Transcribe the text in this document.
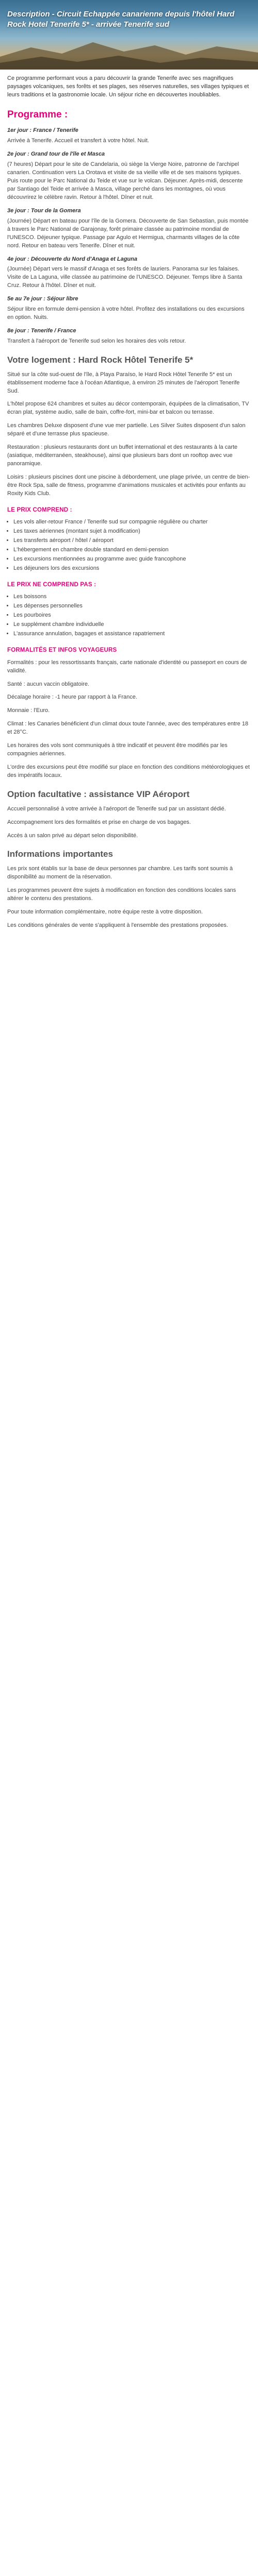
Description - Circuit Echappée canarienne depuis l'hôtel Hard Rock Hotel Tenerife 5* - arrivée Tenerife sud

Ce programme performant vous a paru découvrir la grande Tenerife avec ses magnifiques paysages volcaniques, ses forêts et ses plages, ses réserves naturelles, ses villages typiques et leurs traditions et la gastronomie locale. Un séjour riche en découvertes inoubliables.

Programme :
1er jour : France / Tenerife

Arrivée à Tenerife. Accueil et transfert à votre hôtel. Nuit.

2e jour : Grand tour de l'île et Masca

(7 heures) Départ pour le site de Candelaria, où siège la Vierge Noire, patronne de l'archipel canarien. Continuation vers La Orotava et visite de sa vieille ville et de ses maisons typiques. Puis route pour le Parc National du Teide et vue sur le volcan. Déjeuner. Après-midi, descente par Santiago del Teide et arrivée à Masca, village perché dans les montagnes, où vous découvrirez le célèbre ravin. Retour à l'hôtel. Dîner et nuit.

3e jour : Tour de la Gomera

(Journée) Départ en bateau pour l'île de la Gomera. Découverte de San Sebastian, puis montée à travers le Parc National de Garajonay, forêt primaire classée au patrimoine mondial de l'UNESCO. Déjeuner typique. Passage par Agulo et Hermigua, charmants villages de la côte nord. Retour en bateau vers Tenerife. Dîner et nuit.

4e jour : Découverte du Nord d'Anaga et Laguna

(Journée) Départ vers le massif d'Anaga et ses forêts de lauriers. Panorama sur les falaises. Visite de La Laguna, ville classée au patrimoine de l'UNESCO. Déjeuner. Temps libre à Santa Cruz. Retour à l'hôtel. Dîner et nuit.

5e au 7e jour : Séjour libre

Séjour libre en formule demi-pension à votre hôtel. Profitez des installations ou des excursions en option. Nuits.

8e jour : Tenerife / France

Transfert à l'aéroport de Tenerife sud selon les horaires des vols retour.

Votre logement : Hard Rock Hôtel Tenerife 5*

Situé sur la côte sud-ouest de l'île, à Playa Paraíso, le Hard Rock Hôtel Tenerife 5* est un établissement moderne face à l'océan Atlantique, à environ 25 minutes de l'aéroport Tenerife Sud.

L'hôtel propose 624 chambres et suites au décor contemporain, équipées de la climatisation, TV écran plat, système audio, salle de bain, coffre-fort, mini-bar et balcon ou terrasse.

Les chambres Deluxe disposent d'une vue mer partielle. Les Silver Suites disposent d'un salon séparé et d'une terrasse plus spacieuse.

Restauration : plusieurs restaurants dont un buffet international et des restaurants à la carte (asiatique, méditerranéen, steakhouse), ainsi que plusieurs bars dont un rooftop avec vue panoramique.

Loisirs : plusieurs piscines dont une piscine à débordement, une plage privée, un centre de bien-être Rock Spa, salle de fitness, programme d'animations musicales et activités pour enfants au Roxity Kids Club.

LE PRIX COMPREND :
• Les vols aller-retour France / Tenerife sud sur compagnie régulière ou charter
• Les taxes aériennes (montant sujet à modification)
• Les transferts aéroport / hôtel / aéroport
• L'hébergement en chambre double standard en demi-pension
• Les excursions mentionnées au programme avec guide francophone
• Les déjeuners lors des excursions
LE PRIX NE COMPREND PAS :
• Les boissons
• Les dépenses personnelles
• Les pourboires
• Le supplément chambre individuelle
• L'assurance annulation, bagages et assistance rapatriement
FORMALITÉS ET INFOS VOYAGEURS

Formalités : pour les ressortissants français, carte nationale d'identité ou passeport en cours de validité.

Santé : aucun vaccin obligatoire.

Décalage horaire : -1 heure par rapport à la France.

Monnaie : l'Euro.

Climat : les Canaries bénéficient d'un climat doux toute l'année, avec des températures entre 18 et 28°C.

Les horaires des vols sont communiqués à titre indicatif et peuvent être modifiés par les compagnies aériennes.

L'ordre des excursions peut être modifié sur place en fonction des conditions météorologiques et des impératifs locaux.

Option facultative : assistance VIP Aéroport

Accueil personnalisé à votre arrivée à l'aéroport de Tenerife sud par un assistant dédié.

Accompagnement lors des formalités et prise en charge de vos bagages.

Accès à un salon privé au départ selon disponibilité.

Informations importantes

Les prix sont établis sur la base de deux personnes par chambre. Les tarifs sont soumis à disponibilité au moment de la réservation.

Les programmes peuvent être sujets à modification en fonction des conditions locales sans altérer le contenu des prestations.

Pour toute information complémentaire, notre équipe reste à votre disposition.

Les conditions générales de vente s'appliquent à l'ensemble des prestations proposées.
